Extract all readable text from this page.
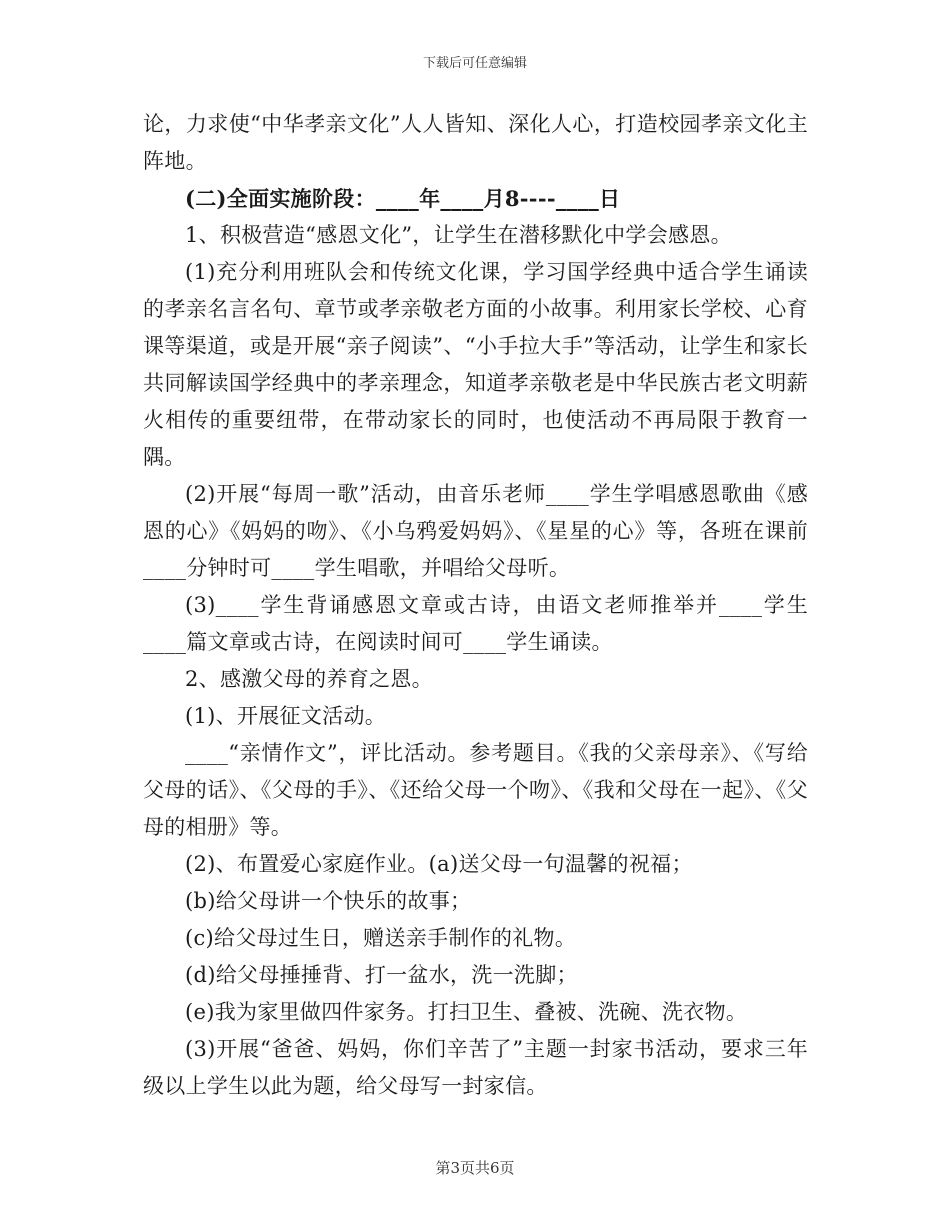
下载后可任意编辑

论，力求使“中华孝亲文化”人人皆知、深化人心，打造校园孝亲文化主阵地。

(二)全面实施阶段：____年____月8----____日

1、积极营造“感恩文化”，让学生在潜移默化中学会感恩。

(1)充分利用班队会和传统文化课，学习国学经典中适合学生诵读的孝亲名言名句、章节或孝亲敬老方面的小故事。利用家长学校、心育课等渠道，或是开展“亲子阅读”、“小手拉大手”等活动，让学生和家长共同解读国学经典中的孝亲理念，知道孝亲敬老是中华民族古老文明薪火相传的重要纽带，在带动家长的同时，也使活动不再局限于教育一隅。

(2)开展“每周一歌”活动，由音乐老师____学生学唱感恩歌曲《感恩的心》《妈妈的吻》、《小乌鸦爱妈妈》、《星星的心》等，各班在课前____分钟时可____学生唱歌，并唱给父母听。

(3)____学生背诵感恩文章或古诗，由语文老师推举并____学生____篇文章或古诗，在阅读时间可____学生诵读。

2、感激父母的养育之恩。

(1)、开展征文活动。

____“亲情作文”，评比活动。参考题目。《我的父亲母亲》、《写给父母的话》、《父母的手》、《还给父母一个吻》、《我和父母在一起》、《父母的相册》等。

(2)、布置爱心家庭作业。(a)送父母一句温馨的祝福；

(b)给父母讲一个快乐的故事；

(c)给父母过生日，赠送亲手制作的礼物。

(d)给父母捶捶背、打一盆水，洗一洗脚；

(e)我为家里做四件家务。打扫卫生、叠被、洗碗、洗衣物。

(3)开展“爸爸、妈妈，你们辛苦了”主题一封家书活动，要求三年级以上学生以此为题，给父母写一封家信。

第3页共6页
